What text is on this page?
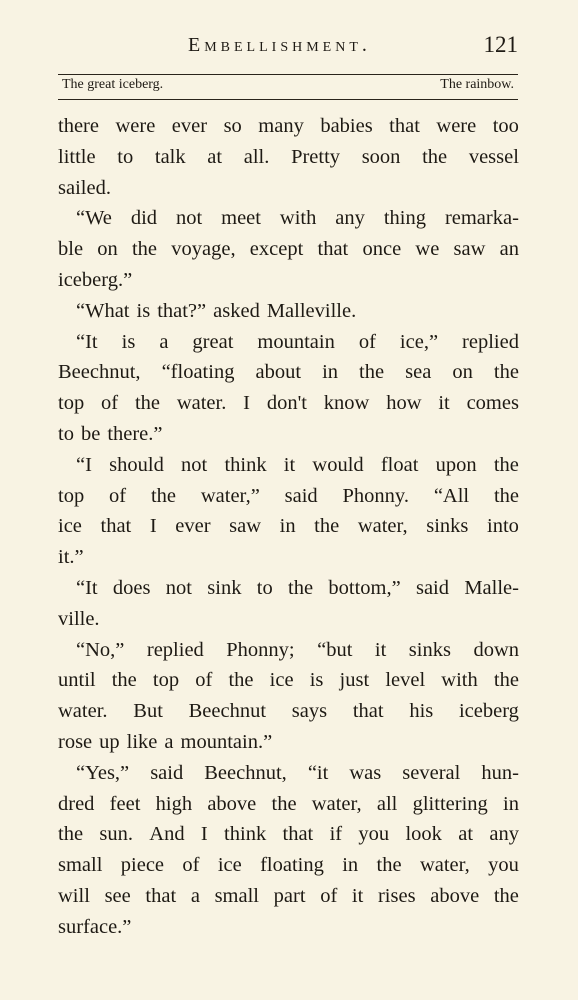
Embellishment.	121
The great iceberg.	The rainbow.
there were ever so many babies that were too
little to talk at all. Pretty soon the vessel
sailed.
“We did not meet with any thing remarka-
ble on the voyage, except that once we saw an
iceberg.”
“What is that?” asked Malleville.
“It is a great mountain of ice,” replied
Beechnut, “floating about in the sea on the
top of the water. I don't know how it comes
to be there.”
“I should not think it would float upon the
top of the water,” said Phonny. “All the
ice that I ever saw in the water, sinks into
it.”
“It does not sink to the bottom,” said Malle-
ville.
“No,” replied Phonny; “but it sinks down
until the top of the ice is just level with the
water. But Beechnut says that his iceberg
rose up like a mountain.”
“Yes,” said Beechnut, “it was several hun-
dred feet high above the water, all glittering in
the sun. And I think that if you look at any
small piece of ice floating in the water, you
will see that a small part of it rises above the
surface.”
